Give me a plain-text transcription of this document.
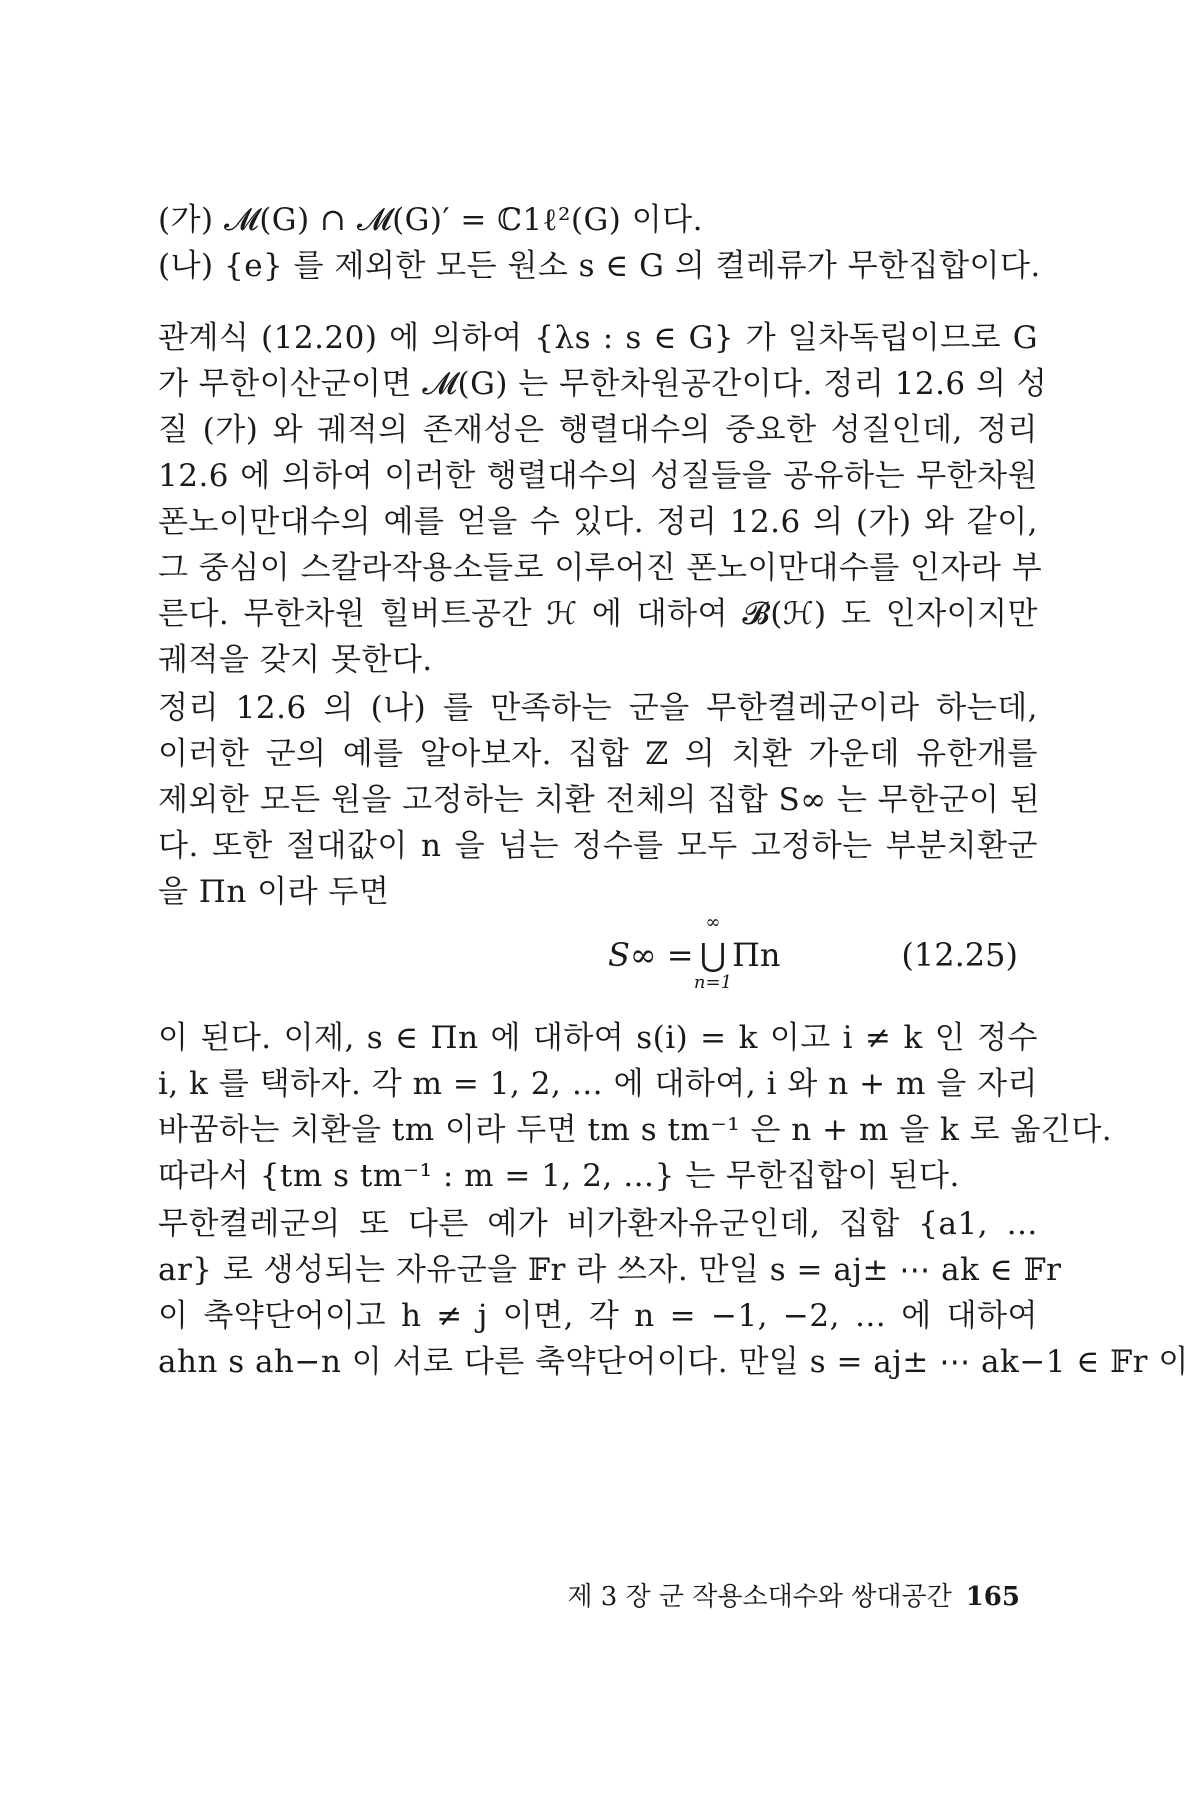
(가) 𝓜(G) ∩ 𝓜(G)′ = ℂ1ℓ²(G) 이다.
(나) {e} 를 제외한 모든 원소 s ∈ G 의 켤레류가 무한집합이다.
관계식 (12.20) 에 의하여 {λs : s ∈ G} 가 일차독립이므로 G
가 무한이산군이면 𝓜(G) 는 무한차원공간이다. 정리 12.6 의 성
질 (가) 와 궤적의 존재성은 행렬대수의 중요한 성질인데, 정리
12.6 에 의하여 이러한 행렬대수의 성질들을 공유하는 무한차원
폰노이만대수의 예를 얻을 수 있다. 정리 12.6 의 (가) 와 같이,
그 중심이 스칼라작용소들로 이루어진 폰노이만대수를 인자라 부
른다. 무한차원 힐버트공간 ℋ 에 대하여 𝓑(ℋ) 도 인자이지만
궤적을 갖지 못한다.
정리 12.6 의 (나) 를 만족하는 군을 무한켤레군이라 하는데,
이러한 군의 예를 알아보자. 집합 ℤ 의 치환 가운데 유한개를
제외한 모든 원을 고정하는 치환 전체의 집합 S∞ 는 무한군이 된
다. 또한 절대값이 n 을 넘는 정수를 모두 고정하는 부분치환군
을 Πn 이라 두면
S∞ =
∞
⋃
n=1
Πn	(12.25)
이 된다. 이제, s ∈ Πn 에 대하여 s(i) = k 이고 i ≠ k 인 정수
i, k 를 택하자. 각 m = 1, 2, … 에 대하여, i 와 n + m 을 자리
바꿈하는 치환을 tm 이라 두면 tm s tm⁻¹ 은 n + m 을 k 로 옮긴다.
따라서 {tm s tm⁻¹ : m = 1, 2, …} 는 무한집합이 된다.
무한켤레군의 또 다른 예가 비가환자유군인데, 집합 {a1, …
ar} 로 생성되는 자유군을 𝔽r 라 쓰자. 만일 s = aj± ⋯ ak ∈ 𝔽r
이 축약단어이고 h ≠ j 이면, 각 n = −1, −2, … 에 대하여
ahn s ah−n 이 서로 다른 축약단어이다. 만일 s = aj± ⋯ ak−1 ∈ 𝔽r 이
제 3 장 군 작용소대수와 쌍대공간 165
